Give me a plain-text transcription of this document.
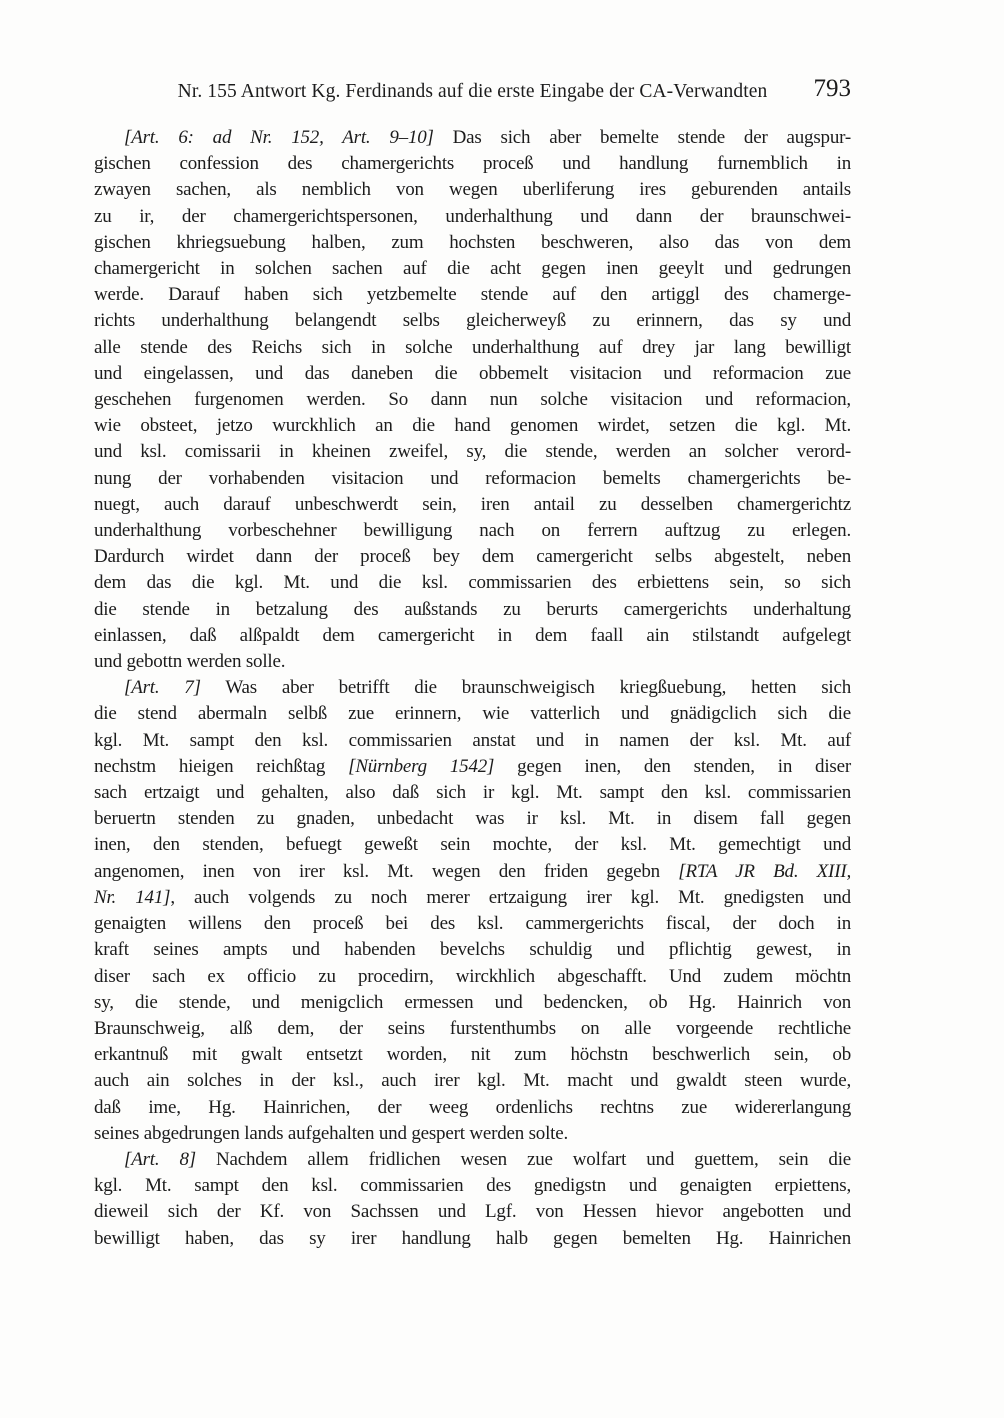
Nr. 155 Antwort Kg. Ferdinands auf die erste Eingabe der CA-Verwandten 793
[Art. 6: ad Nr. 152, Art. 9–10] Das sich aber bemelte stende der augspur-
gischen confession des chamergerichts proceß und handlung furnemblich in
zwayen sachen, als nemblich von wegen uberliferung ires geburenden antails
zu ir, der chamergerichtspersonen, underhalthung und dann der braunschwei-
gischen khriegsuebung halben, zum hochsten beschweren, also das von dem
chamergericht in solchen sachen auf die acht gegen inen geeylt und gedrungen
werde. Darauf haben sich yetzbemelte stende auf den artiggl des chamerge-
richts underhalthung belangendt selbs gleicherweyß zu erinnern, das sy und
alle stende des Reichs sich in solche underhalthung auf drey jar lang bewilligt
und eingelassen, und das daneben die obbemelt visitacion und reformacion zue
geschehen furgenomen werden. So dann nun solche visitacion und reformacion,
wie obsteet, jetzo wurckhlich an die hand genomen wirdet, setzen die kgl. Mt.
und ksl. comissarii in kheinen zweifel, sy, die stende, werden an solcher verord-
nung der vorhabenden visitacion und reformacion bemelts chamergerichts be-
nuegt, auch darauf unbeschwerdt sein, iren antail zu desselben chamergerichtz
underhalthung vorbeschehner bewilligung nach on ferrern auftzug zu erlegen.
Dardurch wirdet dann der proceß bey dem camergericht selbs abgestelt, neben
dem das die kgl. Mt. und die ksl. commissarien des erbiettens sein, so sich
die stende in betzalung des außstands zu berurts camergerichts underhaltung
einlassen, daß alßpaldt dem camergericht in dem faall ain stilstandt aufgelegt
und gebottn werden solle.
[Art. 7] Was aber betrifft die braunschweigisch kriegßuebung, hetten sich
die stend abermaln selbß zue erinnern, wie vatterlich und gnädigclich sich die
kgl. Mt. sampt den ksl. commissarien anstat und in namen der ksl. Mt. auf
nechstm hieigen reichßtag [Nürnberg 1542] gegen inen, den stenden, in diser
sach ertzaigt und gehalten, also daß sich ir kgl. Mt. sampt den ksl. commissarien
beruertn stenden zu gnaden, unbedacht was ir ksl. Mt. in disem fall gegen
inen, den stenden, befuegt geweßt sein mochte, der ksl. Mt. gemechtigt und
angenomen, inen von irer ksl. Mt. wegen den friden gegebn [RTA JR Bd. XIII,
Nr. 141], auch volgends zu noch merer ertzaigung irer kgl. Mt. gnedigsten und
genaigten willens den proceß bei des ksl. cammergerichts fiscal, der doch in
kraft seines ampts und habenden bevelchs schuldig und pflichtig gewest, in
diser sach ex officio zu procedirn, wirckhlich abgeschafft. Und zudem möchtn
sy, die stende, und menigclich ermessen und bedencken, ob Hg. Hainrich von
Braunschweig, alß dem, der seins furstenthumbs on alle vorgeende rechtliche
erkantnuß mit gwalt entsetzt worden, nit zum höchstn beschwerlich sein, ob
auch ain solches in der ksl., auch irer kgl. Mt. macht und gwaldt steen wurde,
daß ime, Hg. Hainrichen, der weeg ordenlichs rechtns zue widererlangung
seines abgedrungen lands aufgehalten und gespert werden solte.
[Art. 8] Nachdem allem fridlichen wesen zue wolfart und guettem, sein die
kgl. Mt. sampt den ksl. commissarien des gnedigstn und genaigten erpiettens,
dieweil sich der Kf. von Sachssen und Lgf. von Hessen hievor angebotten und
bewilligt haben, das sy irer handlung halb gegen bemelten Hg. Hainrichen
